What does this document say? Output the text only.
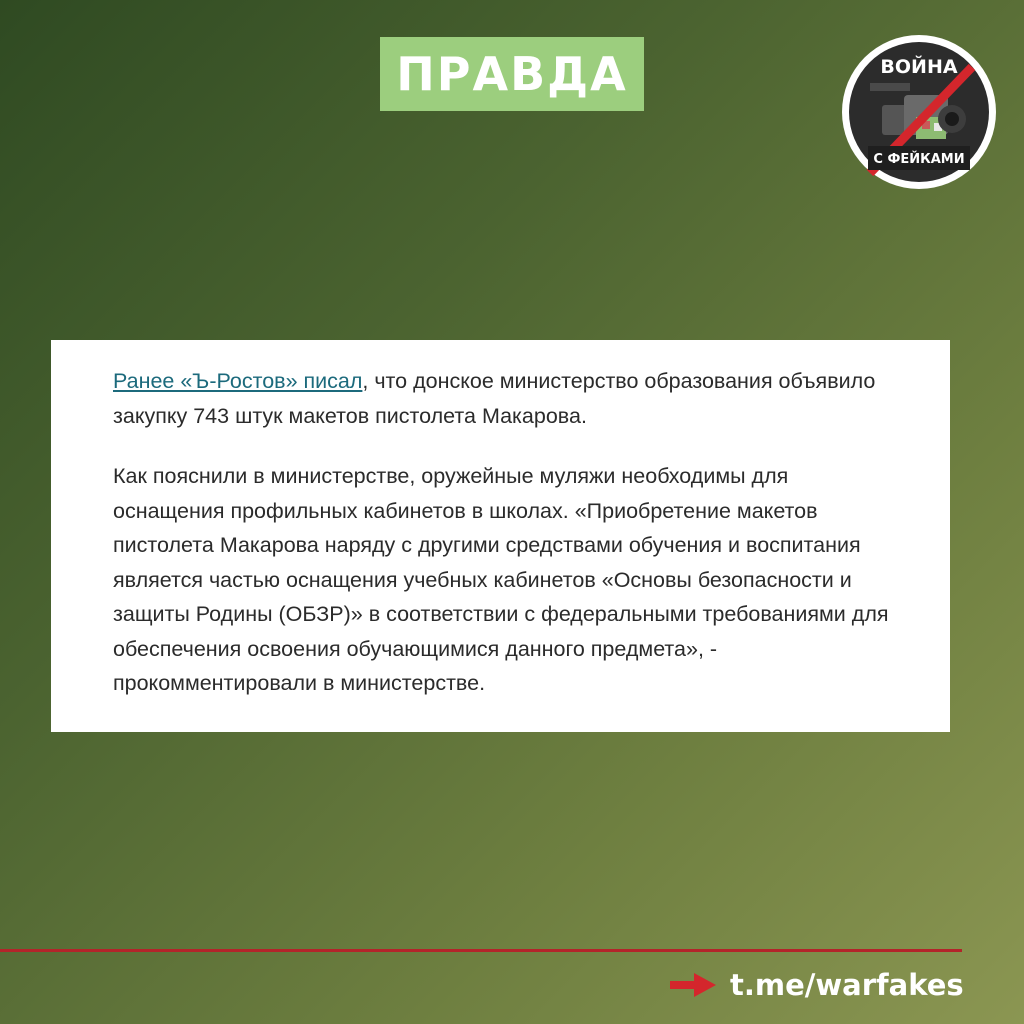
ПРАВДА	ВОЙНА
С ФЕЙКАМИ

Ранее «Ъ-Ростов» писал, что донское министерство образования объявило закупку 743 штук макетов пистолета Макарова.

Как пояснили в министерстве, оружейные муляжи необходимы для оснащения профильных кабинетов в школах. «Приобретение макетов пистолета Макарова наряду с другими средствами обучения и воспитания является частью оснащения учебных кабинетов «Основы безопасности и защиты Родины (ОБЗР)» в соответствии с федеральными требованиями для обеспечения освоения обучающимися данного предмета», - прокомментировали в министерстве.

t.me/warfakes
